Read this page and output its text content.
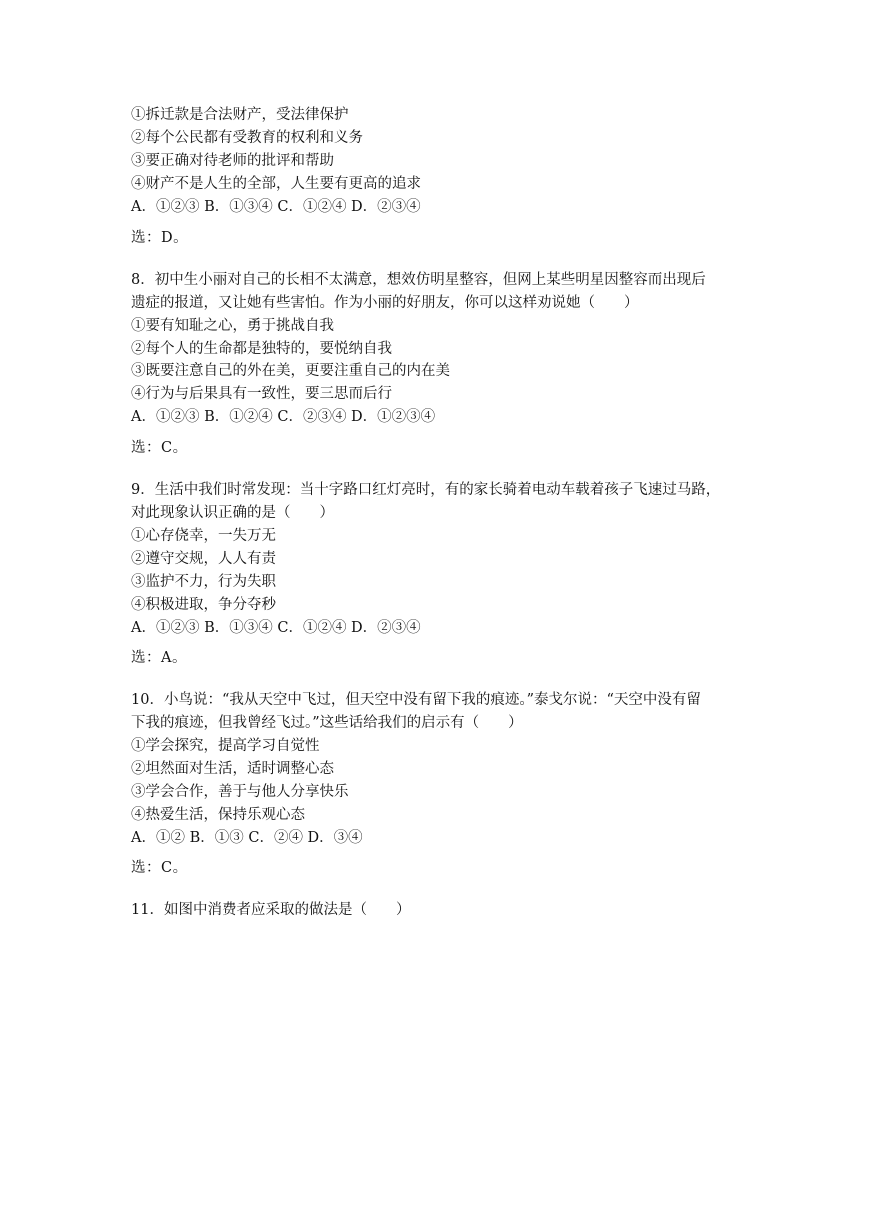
①拆迁款是合法财产，受法律保护
②每个公民都有受教育的权利和义务
③要正确对待老师的批评和帮助
④财产不是人生的全部，人生要有更高的追求
A．①②③ B．①③④ C．①②④ D．②③④
选：D。
8．初中生小丽对自己的长相不太满意，想效仿明星整容，但网上某些明星因整容而出现后
遗症的报道，又让她有些害怕。作为小丽的好朋友，你可以这样劝说她（　　）
①要有知耻之心，勇于挑战自我
②每个人的生命都是独特的，要悦纳自我
③既要注意自己的外在美，更要注重自己的内在美
④行为与后果具有一致性，要三思而后行
A．①②③ B．①②④ C．②③④ D．①②③④
选：C。
9．生活中我们时常发现：当十字路口红灯亮时，有的家长骑着电动车载着孩子飞速过马路，
对此现象认识正确的是（　　）
①心存侥幸，一失万无
②遵守交规，人人有责
③监护不力，行为失职
④积极进取，争分夺秒
A．①②③ B．①③④ C．①②④ D．②③④
选：A。
10．小鸟说：“我从天空中飞过，但天空中没有留下我的痕迹。”泰戈尔说：“天空中没有留
下我的痕迹，但我曾经飞过。”这些话给我们的启示有（　　）
①学会探究，提高学习自觉性
②坦然面对生活，适时调整心态
③学会合作，善于与他人分享快乐
④热爱生活，保持乐观心态
A．①② B．①③ C．②④ D．③④
选：C。
11．如图中消费者应采取的做法是（　　）
